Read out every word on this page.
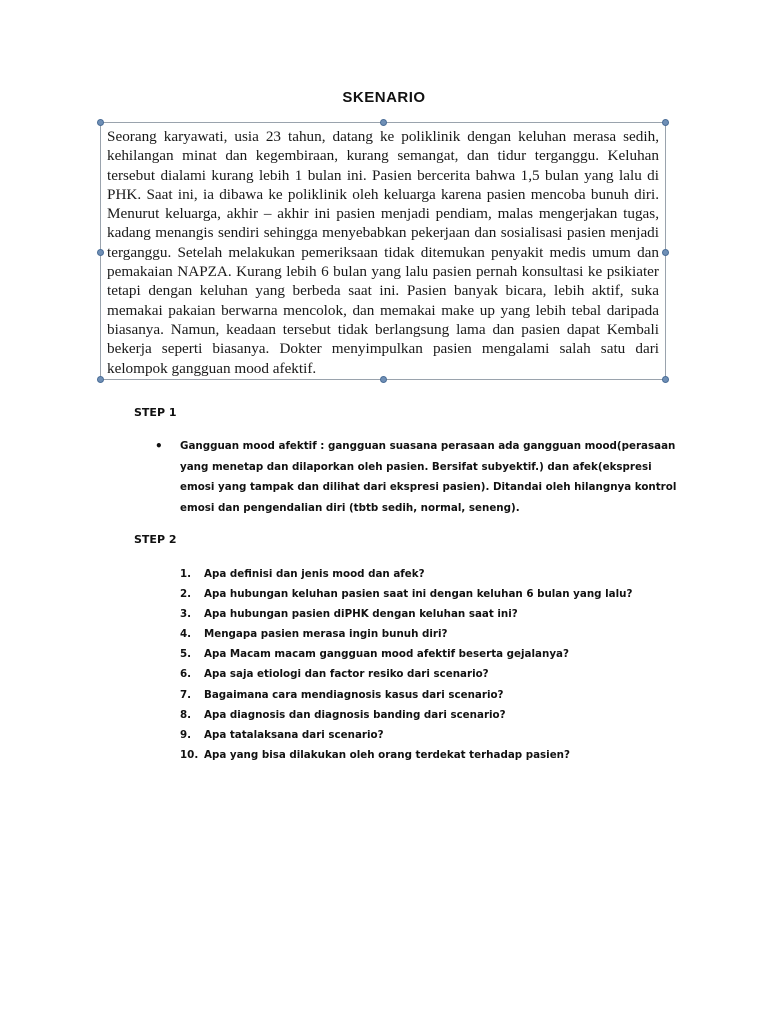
SKENARIO
Seorang karyawati, usia 23 tahun, datang ke poliklinik dengan keluhan merasa sedih, kehilangan minat dan kegembiraan, kurang semangat, dan tidur terganggu. Keluhan tersebut dialami kurang lebih 1 bulan ini. Pasien bercerita bahwa 1,5 bulan yang lalu di PHK. Saat ini, ia dibawa ke poliklinik oleh keluarga karena pasien mencoba bunuh diri. Menurut keluarga, akhir – akhir ini pasien menjadi pendiam, malas mengerjakan tugas, kadang menangis sendiri sehingga menyebabkan pekerjaan dan sosialisasi pasien menjadi terganggu. Setelah melakukan pemeriksaan tidak ditemukan penyakit medis umum dan pemakaian NAPZA. Kurang lebih 6 bulan yang lalu pasien pernah konsultasi ke psikiater tetapi dengan keluhan yang berbeda saat ini. Pasien banyak bicara, lebih aktif, suka memakai pakaian berwarna mencolok, dan memakai make up yang lebih tebal daripada biasanya. Namun, keadaan tersebut tidak berlangsung lama dan pasien dapat Kembali bekerja seperti biasanya. Dokter menyimpulkan pasien mengalami salah satu dari kelompok gangguan mood afektif.
STEP 1
• Gangguan mood afektif : gangguan suasana perasaan ada gangguan mood(perasaan yang menetap dan dilaporkan oleh pasien. Bersifat subyektif.) dan afek(ekspresi emosi yang tampak dan dilihat dari ekspresi pasien). Ditandai oleh hilangnya kontrol emosi dan pengendalian diri (tbtb sedih, normal, seneng).
STEP 2
1. Apa definisi dan jenis mood dan afek?
2. Apa hubungan keluhan pasien saat ini dengan keluhan 6 bulan yang lalu?
3. Apa hubungan pasien diPHK dengan keluhan saat ini?
4. Mengapa pasien merasa ingin bunuh diri?
5. Apa Macam macam gangguan mood afektif beserta gejalanya?
6. Apa saja etiologi dan factor resiko dari scenario?
7. Bagaimana cara mendiagnosis kasus dari scenario?
8. Apa diagnosis dan diagnosis banding dari scenario?
9. Apa tatalaksana dari scenario?
10. Apa yang bisa dilakukan oleh orang terdekat terhadap pasien?
